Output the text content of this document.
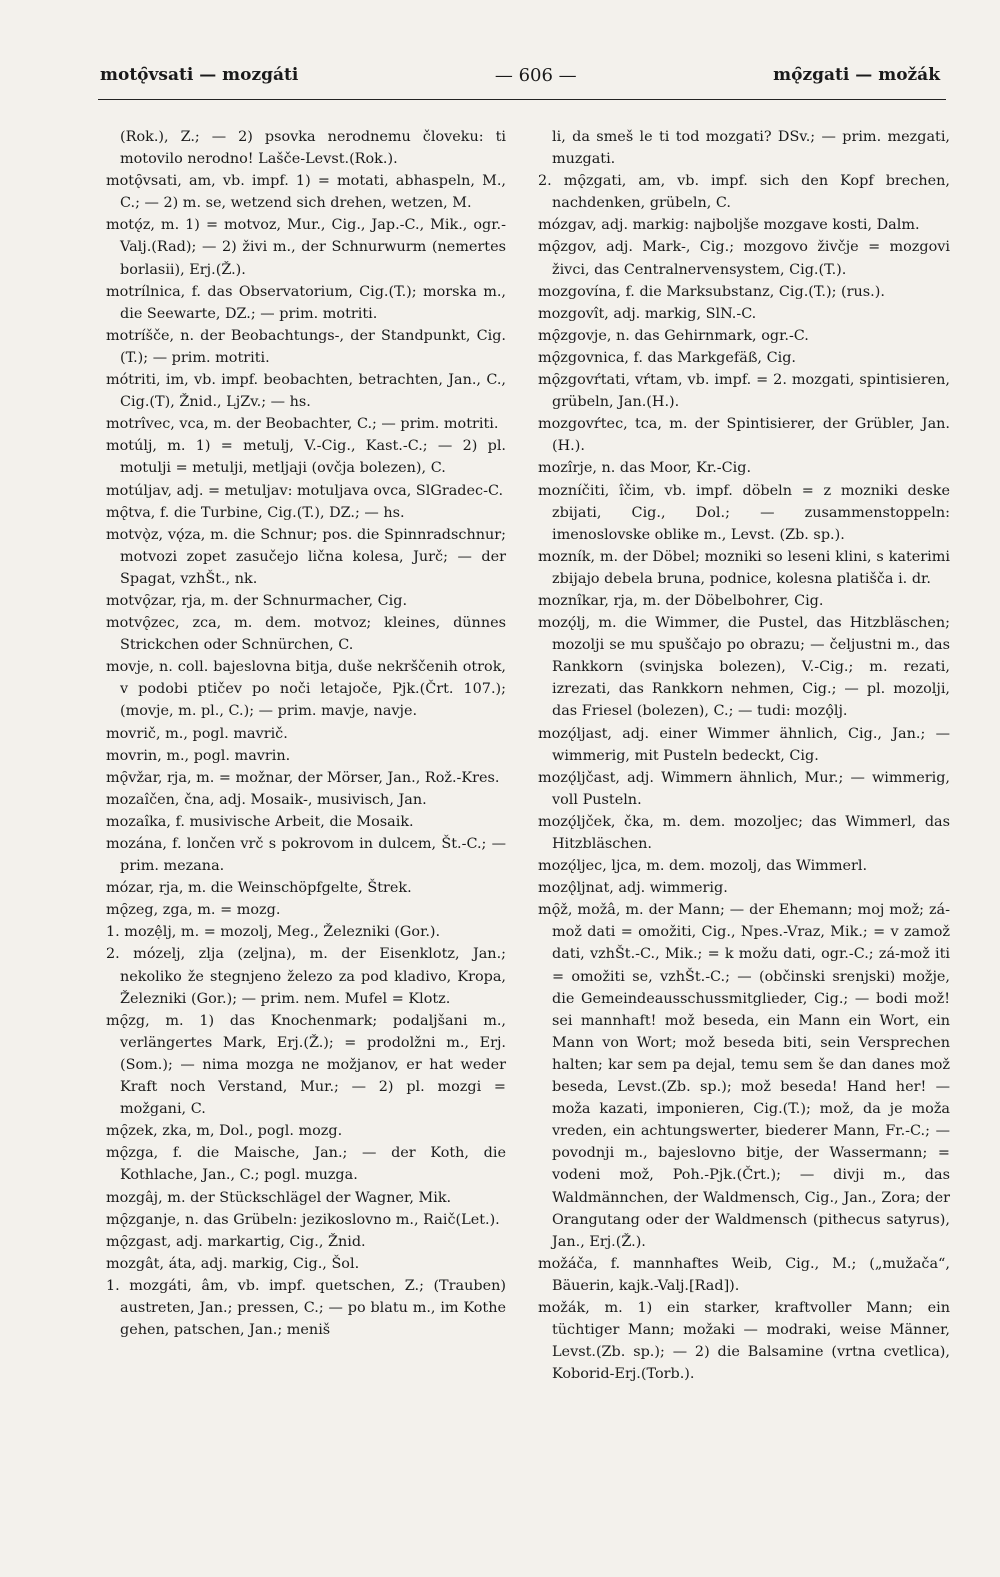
motǫ̑vsati — mozgáti	— 606 —	mǫ̑zgati — možák

(Rok.), Z.; — 2) psovka nerodnemu človeku: ti motovilo nerodno! Lašče-Levst.(Rok.).

motǫ̑vsati, am, vb. impf. 1) = motati, abhaspeln, M., C.; — 2) m. se, wetzend sich drehen, wetzen, M.

motǫ́z, m. 1) = motvoz, Mur., Cig., Jap.-C., Mik., ogr.-Valj.(Rad); — 2) živi m., der Schnurwurm (nemertes borlasii), Erj.(Ž.).

motrílnica, f. das Observatorium, Cig.(T.); morska m., die Seewarte, DZ.; — prim. motriti.

motríšče, n. der Beobachtungs-, der Standpunkt, Cig.(T.); — prim. motriti.

mótriti, im, vb. impf. beobachten, betrachten, Jan., C., Cig.(T), Žnid., LjZv.; — hs.

motrîvec, vca, m. der Beobachter, C.; — prim. motriti.

motúlj, m. 1) = metulj, V.-Cig., Kast.-C.; — 2) pl. motulji = metulji, metljaji (ovčja bolezen), C.

motúljav, adj. = metuljav: motuljava ovca, SlGradec-C.

mǫ̑tva, f. die Turbine, Cig.(T.), DZ.; — hs.

motvǫ̀z, vǫ́za, m. die Schnur; pos. die Spinnradschnur; motvozi zopet zasučejo lična kolesa, Jurč; — der Spagat, vzhŠt., nk.

motvǫ̑zar, rja, m. der Schnurmacher, Cig.

motvǫ̑zec, zca, m. dem. motvoz; kleines, dünnes Strickchen oder Schnürchen, C.

movje, n. coll. bajeslovna bitja, duše nekrščenih otrok, v podobi ptičev po noči letajoče, Pjk.(Črt. 107.); (movje, m. pl., C.); — prim. mavje, navje.

movrič, m., pogl. mavrič.

movrin, m., pogl. mavrin.

mǫ̑vžar, rja, m. = možnar, der Mörser, Jan., Rož.-Kres.

mozaîčen, čna, adj. Mosaik-, musivisch, Jan.

mozaîka, f. musivische Arbeit, die Mosaik.

mozána, f. lončen vrč s pokrovom in dulcem, Št.-C.; — prim. mezana.

mózar, rja, m. die Weinschöpfgelte, Štrek.

mǫ̑zeg, zga, m. = mozg.

1. mozệlj, m. = mozolj, Meg., Železniki (Gor.).

2. mózelj, zlja (zeljna), m. der Eisenklotz, Jan.; nekoliko že stegnjeno železo za pod kladivo, Kropa, Železniki (Gor.); — prim. nem. Mufel = Klotz.

mǫ̑zg, m. 1) das Knochenmark; podaljšani m., verlängertes Mark, Erj.(Ž.); = prodolžni m., Erj.(Som.); — nima mozga ne možjanov, er hat weder Kraft noch Verstand, Mur.; — 2) pl. mozgi = možgani, C.

mǫ̑zek, zka, m, Dol., pogl. mozg.

mǫ̑zga, f. die Maische, Jan.; — der Koth, die Kothlache, Jan., C.; pogl. muzga.

mozgâj, m. der Stückschlägel der Wagner, Mik.

mǫ̑zganje, n. das Grübeln: jezikoslovno m., Raič(Let.).

mǫ̑zgast, adj. markartig, Cig., Žnid.

mozgât, áta, adj. markig, Cig., Šol.

1. mozgáti, âm, vb. impf. quetschen, Z.; (Trauben) austreten, Jan.; pressen, C.; — po blatu m., im Kothe gehen, patschen, Jan.; meniš

li, da smeš le ti tod mozgati? DSv.; — prim. mezgati, muzgati.

2. mǫ̑zgati, am, vb. impf. sich den Kopf brechen, nachdenken, grübeln, C.

mózgav, adj. markig: najboljše mozgave kosti, Dalm.

mǫ̑zgov, adj. Mark-, Cig.; mozgovo živčje = mozgovi živci, das Centralnervensystem, Cig.(T.).

mozgovína, f. die Marksubstanz, Cig.(T.); (rus.).

mozgovît, adj. markig, SlN.-C.

mǫ̑zgovje, n. das Gehirnmark, ogr.-C.

mǫ̑zgovnica, f. das Markgefäß, Cig.

mǫ̑zgovŕtati, vŕtam, vb. impf. = 2. mozgati, spintisieren, grübeln, Jan.(H.).

mozgovŕtec, tca, m. der Spintisierer, der Grübler, Jan.(H.).

mozîrje, n. das Moor, Kr.-Cig.

mozníčiti, îčim, vb. impf. döbeln = z mozniki deske zbijati, Cig., Dol.; — zusammenstoppeln: imenoslovske oblike m., Levst. (Zb. sp.).

mozník, m. der Döbel; mozniki so leseni klini, s katerimi zbijajo debela bruna, podnice, kolesna platišča i. dr.

moznîkar, rja, m. der Döbelbohrer, Cig.

mozǫ́lj, m. die Wimmer, die Pustel, das Hitzbläschen; mozolji se mu spuščajo po obrazu; — čeljustni m., das Rankkorn (svinjska bolezen), V.-Cig.; m. rezati, izrezati, das Rankkorn nehmen, Cig.; — pl. mozolji, das Friesel (bolezen), C.; — tudi: mozǫ̂lj.

mozǫ́ljast, adj. einer Wimmer ähnlich, Cig., Jan.; — wimmerig, mit Pusteln bedeckt, Cig.

mozǫ́ljčast, adj. Wimmern ähnlich, Mur.; — wimmerig, voll Pusteln.

mozǫ́ljček, čka, m. dem. mozoljec; das Wimmerl, das Hitzbläschen.

mozǫ́ljec, ljca, m. dem. mozolj, das Wimmerl.

mozǫ̂ljnat, adj. wimmerig.

mǫ̑ž, možâ, m. der Mann; — der Ehemann; moj mož; zá-mož dati = omožiti, Cig., Npes.-Vraz, Mik.; = v zamož dati, vzhŠt.-C., Mik.; = k možu dati, ogr.-C.; zá-mož iti = omožiti se, vzhŠt.-C.; — (občinski srenjski) možje, die Gemeindeausschussmitglieder, Cig.; — bodi mož! sei mannhaft! mož beseda, ein Mann ein Wort, ein Mann von Wort; mož beseda biti, sein Versprechen halten; kar sem pa dejal, temu sem še dan danes mož beseda, Levst.(Zb. sp.); mož beseda! Hand her! — moža kazati, imponieren, Cig.(T.); mož, da je moža vreden, ein achtungswerter, biederer Mann, Fr.-C.; — povodnji m., bajeslovno bitje, der Wassermann; = vodeni mož, Poh.-Pjk.(Črt.); — divji m., das Waldmännchen, der Waldmensch, Cig., Jan., Zora; der Orangutang oder der Waldmensch (pithecus satyrus), Jan., Erj.(Ž.).

možáča, f. mannhaftes Weib, Cig., M.; („mužača“, Bäuerin, kajk.-Valj.[Rad]).

možák, m. 1) ein starker, kraftvoller Mann; ein tüchtiger Mann; možaki — modraki, weise Männer, Levst.(Zb. sp.); — 2) die Balsamine (vrtna cvetlica), Koborid-Erj.(Torb.).
